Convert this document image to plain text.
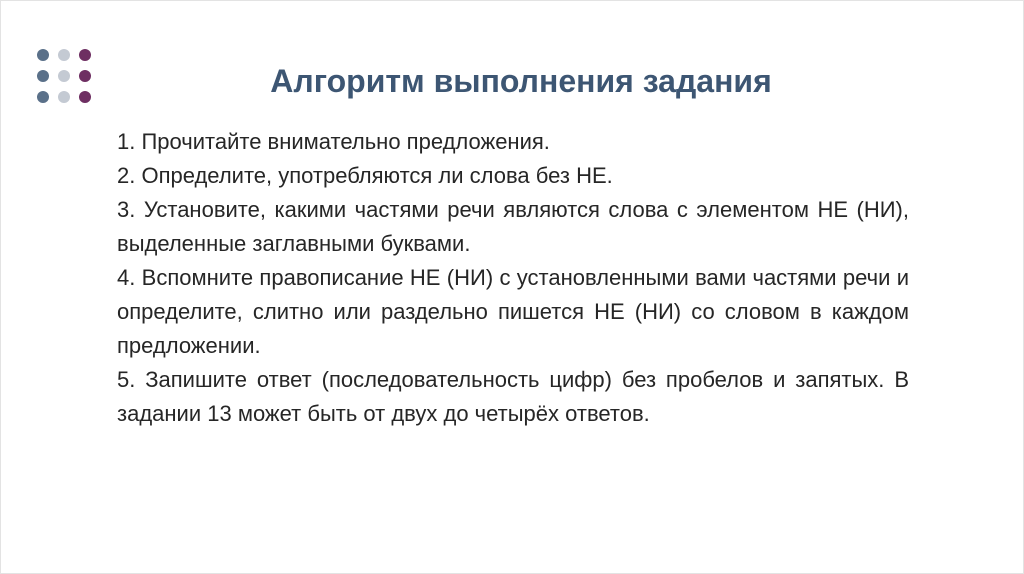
Алгоритм выполнения задания

1. Прочитайте внимательно предложения.

2. Определите, употребляются ли слова без НЕ.

3. Установите, какими частями речи являются слова с элементом НЕ (НИ), выделенные заглавными буквами.

4. Вспомните правописание НЕ (НИ) с установленными вами частями речи и определите, слитно или раздельно пишется НЕ (НИ) со словом в каждом предложении.

5. Запишите ответ (последовательность цифр) без пробелов и запятых. В задании 13 может быть от двух до четырёх ответов.
